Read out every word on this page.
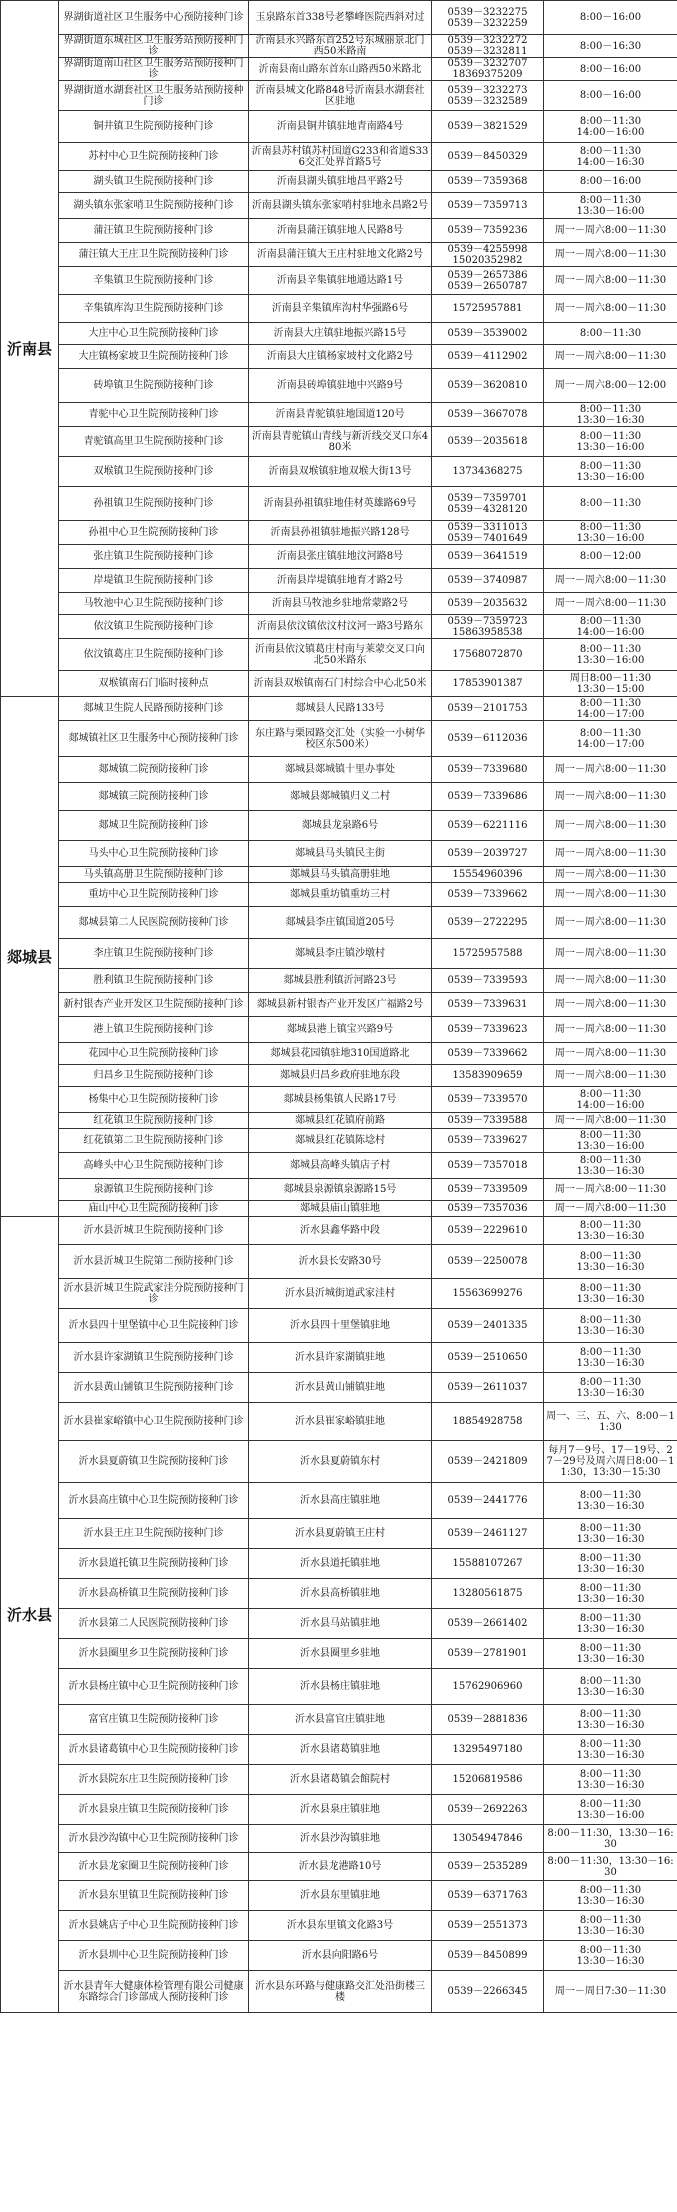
沂南县	界湖街道社区卫生服务中心预防接种门诊	玉泉路东首338号老攀峰医院西斜对过	0539－3232275
0539－3232259	8:00－16:00
	界湖街道东城社区卫生服务站预防接种门诊	沂南县永兴路东首252号东城丽景北门西50米路南	0539－3232272
0539－3232811	8:00－16:30
	界湖街道南山社区卫生服务站预防接种门诊	沂南县南山路东首东山路西50米路北	0539－3232707
18369375209	8:00－16:00
	界湖街道水湖套社区卫生服务站预防接种门诊	沂南县城文化路848号沂南县水湖套社区驻地	0539－3232273
0539－3232589	8:00－16:00
	铜井镇卫生院预防接种门诊	沂南县铜井镇驻地青南路4号	0539－3821529	8:00－11:30
14:00－16:00
	苏村中心卫生院预防接种门诊	沂南县苏村镇苏村国道G233和省道S336交汇处界首路5号	0539－8450329	8:00－11:30
14:00－16:30
	湖头镇卫生院预防接种门诊	沂南县湖头镇驻地昌平路2号	0539－7359368	8:00－16:00
	湖头镇东张家哨卫生院预防接种门诊	沂南县湖头镇东张家哨村驻地永昌路2号	0539－7359713	8:00－11:30
13:30－16:00
	蒲汪镇卫生院预防接种门诊	沂南县蒲汪镇驻地人民路8号	0539－7359236	周一－周六8:00－11:30
	蒲汪镇大王庄卫生院预防接种门诊	沂南县蒲汪镇大王庄村驻地文化路2号	0539－4255998
15020352982	周一－周六8:00－11:30
	辛集镇卫生院预防接种门诊	沂南县辛集镇驻地通达路1号	0539－2657386
0539－2650787	周一－周六8:00－11:30
	辛集镇库沟卫生院预防接种门诊	沂南县辛集镇库沟村华强路6号	15725957881	周一－周六8:00－11:30
	大庄中心卫生院预防接种门诊	沂南县大庄镇驻地振兴路15号	0539－3539002	8:00－11:30
	大庄镇杨家坡卫生院预防接种门诊	沂南县大庄镇杨家坡村文化路2号	0539－4112902	周一－周六8:00－11:30
	砖埠镇卫生院预防接种门诊	沂南县砖埠镇驻地中兴路9号	0539－3620810	周一－周六8:00－12:00
	青驼中心卫生院预防接种门诊	沂南县青驼镇驻地国道120号	0539－3667078	8:00－11:30
13:30－16:30
	青驼镇高里卫生院预防接种门诊	沂南县青驼镇山青线与新沂线交叉口东480米	0539－2035618	8:00－11:30
13:30－16:00
	双堠镇卫生院预防接种门诊	沂南县双堠镇驻地双堠大街13号	13734368275	8:00－11:30
13:30－16:00
	孙祖镇卫生院预防接种门诊	沂南县孙祖镇驻地佳材英雄路69号	0539－7359701
0539－4328120	8:00－11:30
	孙祖中心卫生院预防接种门诊	沂南县孙祖镇驻地振兴路128号	0539－3311013
0539－7401649	8:00－11:30
13:30－16:00
	张庄镇卫生院预防接种门诊	沂南县张庄镇驻地汶河路8号	0539－3641519	8:00－12:00
	岸堤镇卫生院预防接种门诊	沂南县岸堤镇驻地育才路2号	0539－3740987	周一－周六8:00－11:30
	马牧池中心卫生院预防接种门诊	沂南县马牧池乡驻地常蒙路2号	0539－2035632	周一－周六8:00－11:30
	依汶镇卫生院预防接种门诊	沂南县依汶镇依汶村汶河一路3号路东	0539－7359723
15863958538	8:00－11:30
14:00－16:00
	依汶镇葛庄卫生院预防接种门诊	沂南县依汶镇葛庄村南与莱蒙交叉口向北50米路东	17568072870	8:00－11:30
13:30－16:00
	双堠镇南石门临时接种点	沂南县双堠镇南石门村综合中心北50米	17853901387	周日8:00－11:30
13:30－15:00
郯城县	郯城卫生院人民路预防接种门诊	郯城县人民路133号	0539－2101753	8:00－11:30
14:00－17:00
	郯城镇社区卫生服务中心预防接种门诊	东庄路与栗园路交汇处（实验一小树华校区东500米）	0539－6112036	8:00－11:30
14:00－17:00
	郯城镇二院预防接种门诊	郯城县郯城镇十里办事处	0539－7339680	周一－周六8:00－11:30
	郯城镇三院预防接种门诊	郯城县郯城镇归义二村	0539－7339686	周一－周六8:00－11:30
	郯城卫生院预防接种门诊	郯城县龙泉路6号	0539－6221116	周一－周六8:00－11:30
	马头中心卫生院预防接种门诊	郯城县马头镇民主街	0539－2039727	周一－周六8:00－11:30
	马头镇高册卫生院预防接种门诊	郯城县马头镇高册驻地	15554960396	周一－周六8:00－11:30
	重坊中心卫生院预防接种门诊	郯城县重坊镇重坊三村	0539－7339662	周一－周六8:00－11:30
	郯城县第二人民医院预防接种门诊	郯城县李庄镇国道205号	0539－2722295	周一－周六8:00－11:30
	李庄镇卫生院预防接种门诊	郯城县李庄镇沙墩村	15725957588	周一－周六8:00－11:30
	胜利镇卫生院预防接种门诊	郯城县胜利镇沂河路23号	0539－7339593	周一－周六8:00－11:30
	新村银杏产业开发区卫生院预防接种门诊	郯城县新村银杏产业开发区广福路2号	0539－7339631	周一－周六8:00－11:30
	港上镇卫生院预防接种门诊	郯城县港上镇宝兴路9号	0539－7339623	周一－周六8:00－11:30
	花园中心卫生院预防接种门诊	郯城县花园镇驻地310国道路北	0539－7339662	周一－周六8:00－11:30
	归昌乡卫生院预防接种门诊	郯城县归昌乡政府驻地东段	13583909659	周一－周六8:00－11:30
	杨集中心卫生院预防接种门诊	郯城县杨集镇人民路17号	0539－7339570	8:00－11:30
14:00－16:00
	红花镇卫生院预防接种门诊	郯城县红花镇府前路	0539－7339588	周一－周六8:00－11:30
	红花镇第二卫生院预防接种门诊	郯城县红花镇陈埝村	0539－7339627	8:00－11:30
13:30－16:00
	高峰头中心卫生院预防接种门诊	郯城县高峰头镇店子村	0539－7357018	8:00－11:30
13:30－16:30
	泉源镇卫生院预防接种门诊	郯城县泉源镇泉源路15号	0539－7339509	周一－周六8:00－11:30
	庙山中心卫生院预防接种门诊	郯城县庙山镇驻地	0539－7357036	周一－周六8:00－11:30
沂水县	沂水县沂城卫生院预防接种门诊	沂水县鑫华路中段	0539－2229610	8:00－11:30
13:30－16:30
	沂水县沂城卫生院第二预防接种门诊	沂水县长安路30号	0539－2250078	8:00－11:30
13:30－16:30
	沂水县沂城卫生院武家洼分院预防接种门诊	沂水县沂城街道武家洼村	15563699276	8:00－11:30
13:30－16:30
	沂水县四十里堡镇中心卫生院接种门诊	沂水县四十里堡镇驻地	0539－2401335	8:00－11:30
13:30－16:30
	沂水县许家湖镇卫生院预防接种门诊	沂水县许家湖镇驻地	0539－2510650	8:00－11:30
13:30－16:30
	沂水县黄山铺镇卫生院预防接种门诊	沂水县黄山铺镇驻地	0539－2611037	8:00－11:30
13:30－16:30
	沂水县崔家峪镇中心卫生院预防接种门诊	沂水县崔家峪镇驻地	18854928758	周一、三、五、六、8:00－11:30
	沂水县夏蔚镇卫生院预防接种门诊	沂水县夏蔚镇东村	0539－2421809	每月7－9号、17－19号、27－29号及周六周日8:00－11:30，13:30－15:30
	沂水县高庄镇中心卫生院预防接种门诊	沂水县高庄镇驻地	0539－2441776	8:00－11:30
13:30－16:30
	沂水县王庄卫生院预防接种门诊	沂水县夏蔚镇王庄村	0539－2461127	8:00－11:30
13:30－16:30
	沂水县道托镇卫生院预防接种门诊	沂水县道托镇驻地	15588107267	8:00－11:30
13:30－16:30
	沂水县高桥镇卫生院预防接种门诊	沂水县高桥镇驻地	13280561875	8:00－11:30
13:30－16:30
	沂水县第二人民医院预防接种门诊	沂水县马站镇驻地	0539－2661402	8:00－11:30
13:30－16:30
	沂水县圈里乡卫生院预防接种门诊	沂水县圈里乡驻地	0539－2781901	8:00－11:30
13:30－16:30
	沂水县杨庄镇中心卫生院预防接种门诊	沂水县杨庄镇驻地	15762906960	8:00－11:30
13:30－16:30
	富官庄镇卫生院预防接种门诊	沂水县富官庄镇驻地	0539－2881836	8:00－11:30
13:30－16:30
	沂水县诸葛镇中心卫生院预防接种门诊	沂水县诸葛镇驻地	13295497180	8:00－11:30
13:30－16:30
	沂水县院东庄卫生院预防接种门诊	沂水县诸葛镇会館院村	15206819586	8:00－11:30
13:30－16:30
	沂水县泉庄镇卫生院预防接种门诊	沂水县泉庄镇驻地	0539－2692263	8:00－11:30
13:30－16:00
	沂水县沙沟镇中心卫生院预防接种门诊	沂水县沙沟镇驻地	13054947846	8:00－11:30，13:30－16:30
	沂水县龙家圈卫生院预防接种门诊	沂水县龙港路10号	0539－2535289	8:00－11:30，13:30－16:30
	沂水县东里镇卫生院预防接种门诊	沂水县东里镇驻地	0539－6371763	8:00－11:30
13:30－16:30
	沂水县姚店子中心卫生院预防接种门诊	沂水县东里镇文化路3号	0539－2551373	8:00－11:30
13:30－16:30
	沂水县圳中心卫生院预防接种门诊	沂水县向阳路6号	0539－8450899	8:00－11:30
13:30－16:30
	沂水县青年大健康体检管理有限公司健康东路综合门诊部成人预防接种门诊	沂水县东环路与健康路交汇处沿街楼三楼	0539－2266345	周一－周日7:30－11:30
